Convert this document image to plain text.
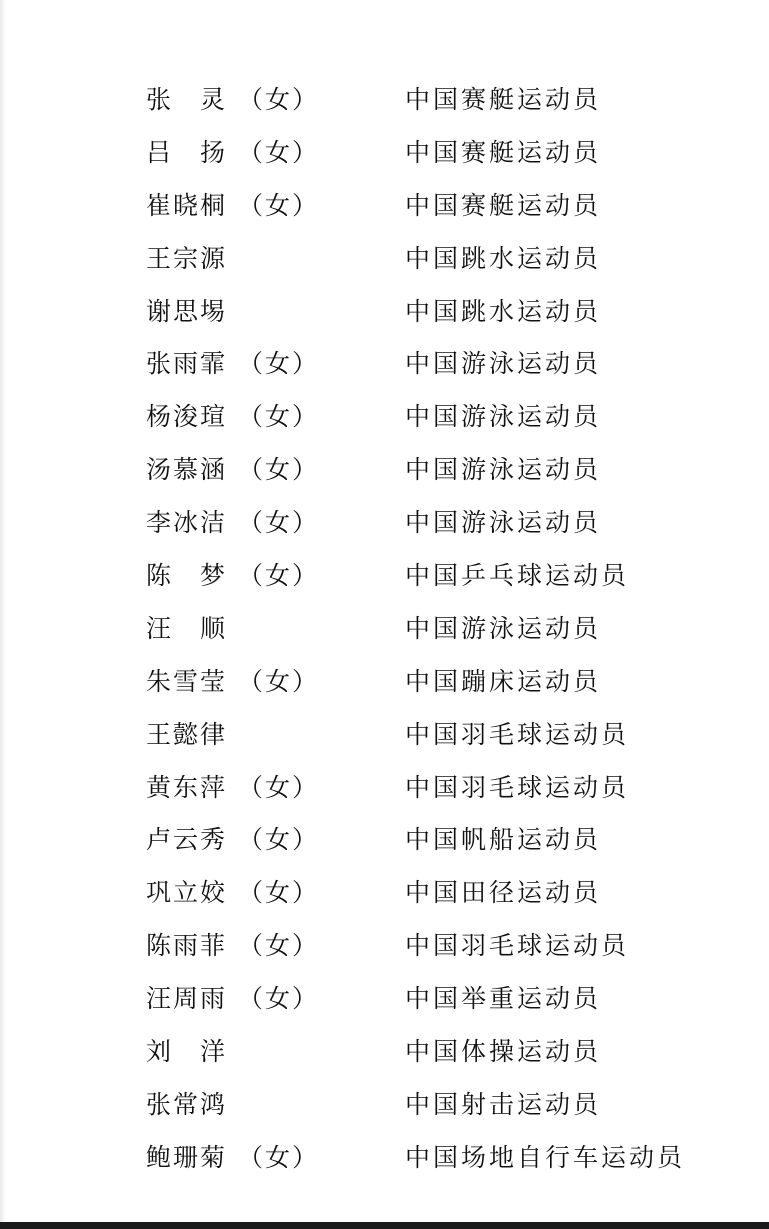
张　灵 （女）	中国赛艇运动员
吕　扬 （女）	中国赛艇运动员
崔晓桐 （女）	中国赛艇运动员
王宗源	中国跳水运动员
谢思埸	中国跳水运动员
张雨霏 （女）	中国游泳运动员
杨浚瑄 （女）	中国游泳运动员
汤慕涵 （女）	中国游泳运动员
李冰洁 （女）	中国游泳运动员
陈　梦 （女）	中国乒乓球运动员
汪　顺	中国游泳运动员
朱雪莹 （女）	中国蹦床运动员
王懿律	中国羽毛球运动员
黄东萍 （女）	中国羽毛球运动员
卢云秀 （女）	中国帆船运动员
巩立姣 （女）	中国田径运动员
陈雨菲 （女）	中国羽毛球运动员
汪周雨 （女）	中国举重运动员
刘　洋	中国体操运动员
张常鸿	中国射击运动员
鲍珊菊 （女）	中国场地自行车运动员
